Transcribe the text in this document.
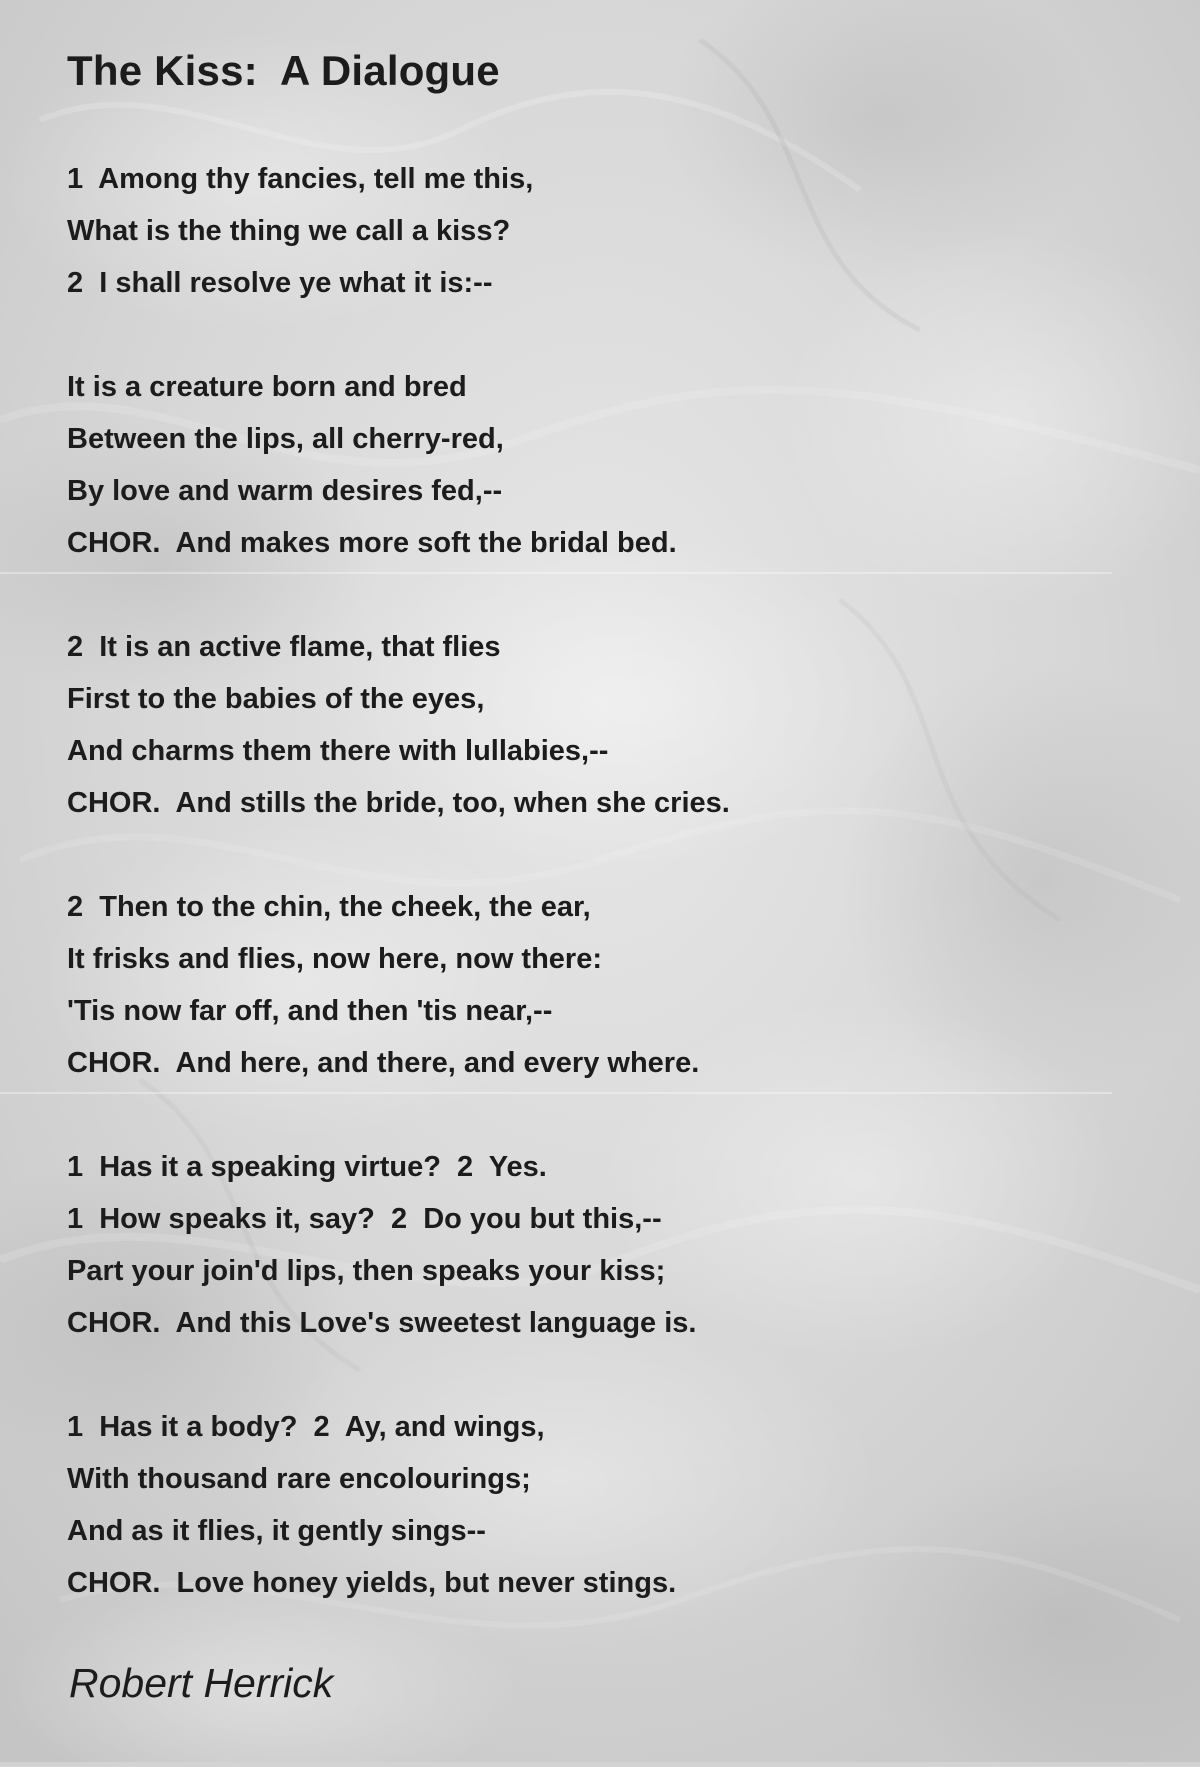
The Kiss:  A Dialogue
1  Among thy fancies, tell me this,
What is the thing we call a kiss?
2  I shall resolve ye what it is:--
It is a creature born and bred
Between the lips, all cherry-red,
By love and warm desires fed,--
CHOR.  And makes more soft the bridal bed.
2  It is an active flame, that flies
First to the babies of the eyes,
And charms them there with lullabies,--
CHOR.  And stills the bride, too, when she cries.
2  Then to the chin, the cheek, the ear,
It frisks and flies, now here, now there:
'Tis now far off, and then 'tis near,--
CHOR.  And here, and there, and every where.
1  Has it a speaking virtue?  2  Yes.
1  How speaks it, say?  2  Do you but this,--
Part your join'd lips, then speaks your kiss;
CHOR.  And this Love's sweetest language is.
1  Has it a body?  2  Ay, and wings,
With thousand rare encolourings;
And as it flies, it gently sings--
CHOR.  Love honey yields, but never stings.
Robert Herrick
